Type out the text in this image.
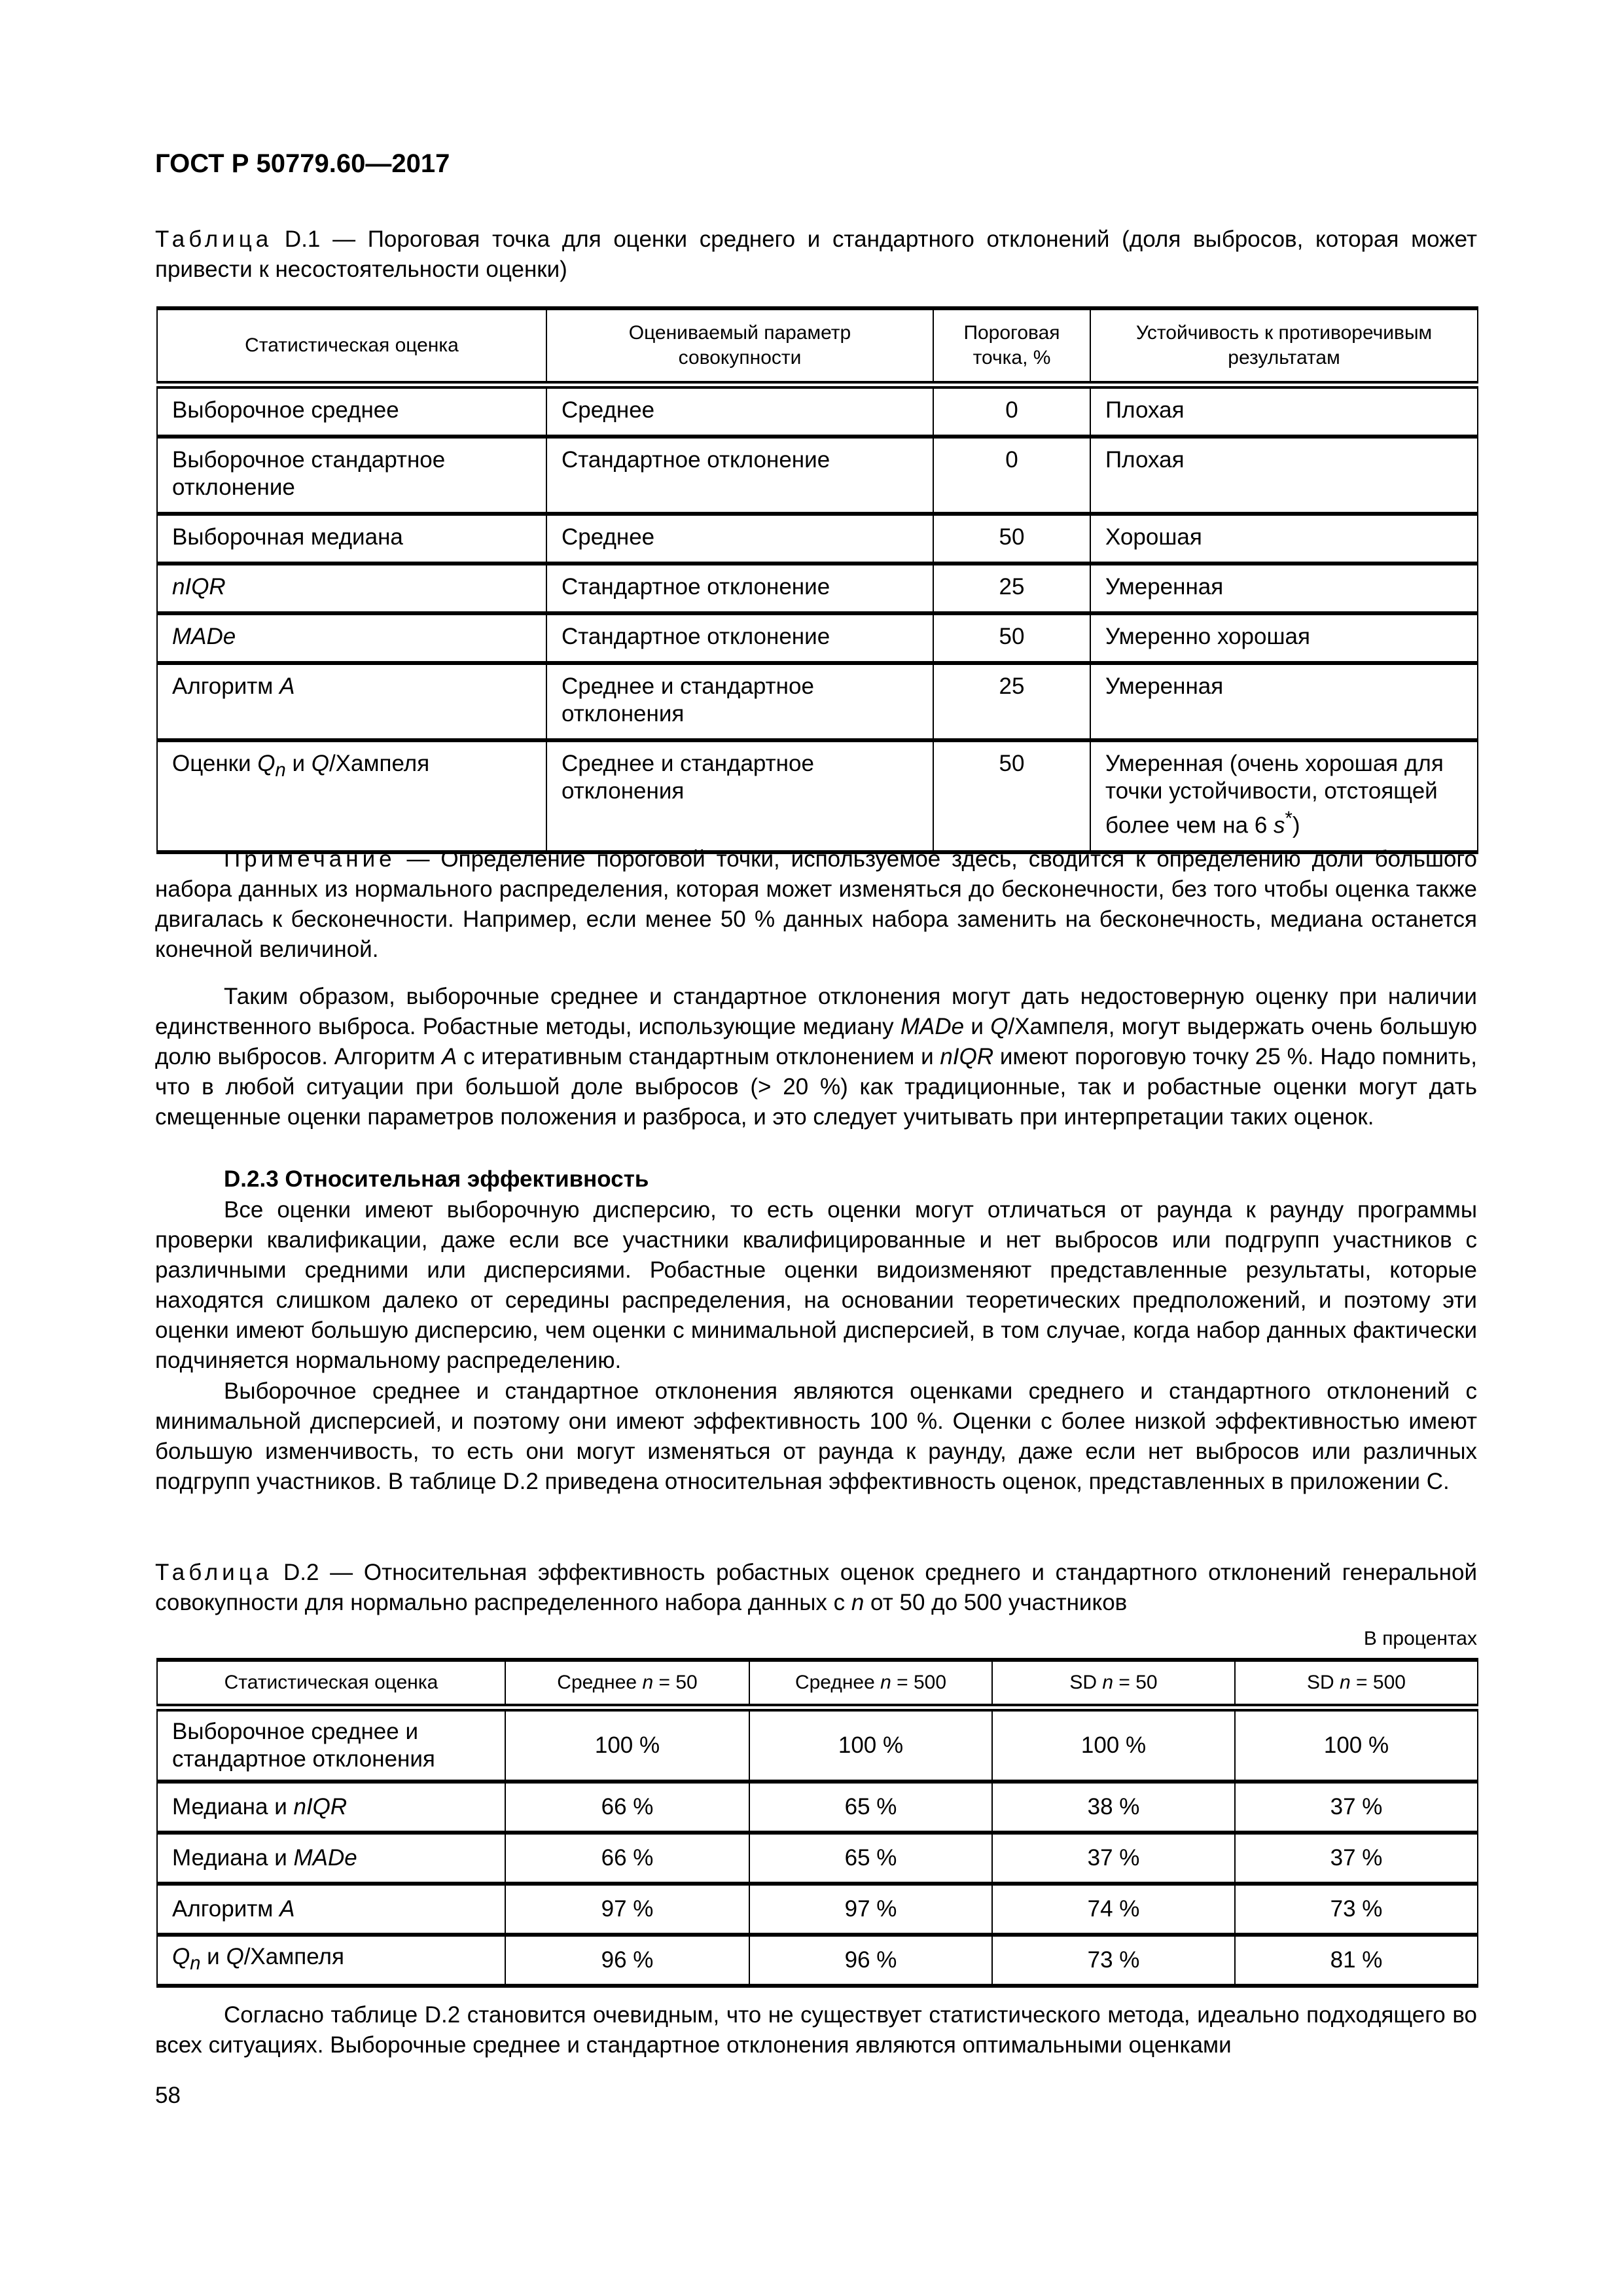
ГОСТ Р 50779.60—2017
Таблица D.1 — Пороговая точка для оценки среднего и стандартного отклонений (доля выбросов, которая может привести к несостоятельности оценки)
Статистическая оценка	Оцениваемый параметр совокупности	Пороговая точка, %	Устойчивость к противоречивым результатам
Выборочное среднее	Среднее	0	Плохая
Выборочное стандартное отклонение	Стандартное отклонение	0	Плохая
Выборочная медиана	Среднее	50	Хорошая
nIQR	Стандартное отклонение	25	Умеренная
MADe	Стандартное отклонение	50	Умеренно хорошая
Алгоритм A	Среднее и стандартное отклонения	25	Умеренная
Оценки $Q_n$ и Q/Хампеля	Среднее и стандартное отклонения	50	Умеренная (очень хорошая для точки устойчивости, отстоящей более чем на 6 s*)
Примечание — Определение пороговой точки, используемое здесь, сводится к определению доли большого набора данных из нормального распределения, которая может изменяться до бесконечности, без того чтобы оценка также двигалась к бесконечности. Например, если менее 50 % данных набора заменить на бесконечность, медиана останется конечной величиной.
Таким образом, выборочные среднее и стандартное отклонения могут дать недостоверную оценку при наличии единственного выброса. Робастные методы, использующие медиану MADe и Q/Хампеля, могут выдержать очень большую долю выбросов. Алгоритм A с итеративным стандартным отклонением и nIQR имеют пороговую точку 25 %. Надо помнить, что в любой ситуации при большой доле выбросов (> 20 %) как традиционные, так и робастные оценки могут дать смещенные оценки параметров положения и разброса, и это следует учитывать при интерпретации таких оценок.
D.2.3 Относительная эффективность
Все оценки имеют выборочную дисперсию, то есть оценки могут отличаться от раунда к раунду программы проверки квалификации, даже если все участники квалифицированные и нет выбросов или подгрупп участников с различными средними или дисперсиями. Робастные оценки видоизменяют представленные результаты, которые находятся слишком далеко от середины распределения, на основании теоретических предположений, и поэтому эти оценки имеют большую дисперсию, чем оценки с минимальной дисперсией, в том случае, когда набор данных фактически подчиняется нормальному распределению.
Выборочное среднее и стандартное отклонения являются оценками среднего и стандартного отклонений с минимальной дисперсией, и поэтому они имеют эффективность 100 %. Оценки с более низкой эффективностью имеют большую изменчивость, то есть они могут изменяться от раунда к раунду, даже если нет выбросов или различных подгрупп участников. В таблице D.2 приведена относительная эффективность оценок, представленных в приложении C.
Таблица D.2 — Относительная эффективность робастных оценок среднего и стандартного отклонений генеральной совокупности для нормально распределенного набора данных с n от 50 до 500 участников
В процентах
Статистическая оценка	Среднее n = 50	Среднее n = 500	SD n = 50	SD n = 500
Выборочное среднее и стандартное отклонения	100 %	100 %	100 %	100 %
Медиана и nIQR	66 %	65 %	38 %	37 %
Медиана и MADe	66 %	65 %	37 %	37 %
Алгоритм A	97 %	97 %	74 %	73 %
$Q_n$ и Q/Хампеля	96 %	96 %	73 %	81 %
Согласно таблице D.2 становится очевидным, что не существует статистического метода, идеально подходящего во всех ситуациях. Выборочные среднее и стандартное отклонения являются оптимальными оценками
58
